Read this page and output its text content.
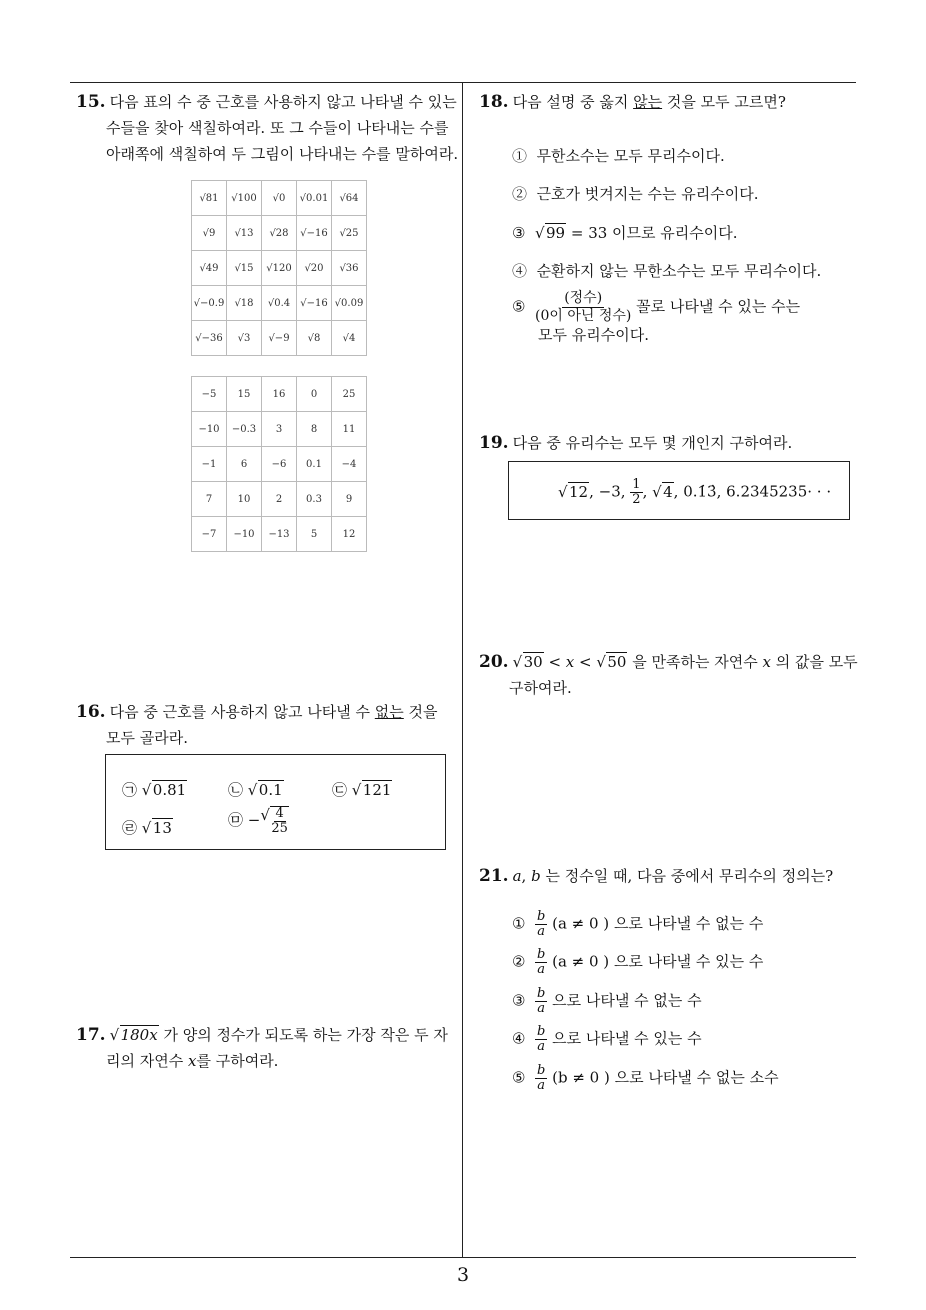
15. 다음 표의 수 중 근호를 사용하지 않고 나타낼 수 있는
수들을 찾아 색칠하여라. 또 그 수들이 나타내는 수를
아래쪽에 색칠하여 두 그림이 나타내는 수를 말하여라.
√81	√100	√0	√0.01	√64
√9	√13	√28	√−16	√25
√49	√15	√120	√20	√36
√−0.9	√18	√0.4	√−16	√0.09
√−36	√3	√−9	√8	√4
−5	15	16	0	25
−10	−0.3	3	8	11
−1	6	−6	0.1	−4
7	10	2	0.3	9
−7	−10	−13	5	12
16. 다음 중 근호를 사용하지 않고 나타낼 수 없는 것을
모두 골라라.
㉠ √ 0.81	㉡ √ 0.1	㉢ √ 121
㉣ √ 13	㉤ − √ $\frac{4}{25}$
17. √ 180x 가 양의 정수가 되도록 하는 가장 작은 두 자
리의 자연수 x를 구하여라.
18. 다음 설명 중 옳지 않는 것을 모두 고르면?
① 무한소수는 모두 무리수이다.
② 근호가 벗겨지는 수는 유리수이다.
③ √ 99 = 33 이므로 유리수이다.
④ 순환하지 않는 무한소수는 모두 무리수이다.
⑤ $\frac{\text{(정수)}}{\text{(0이 아닌 정수)}}$ 꼴로 나타낼 수 있는 수는
모두 유리수이다.
19. 다음 중 유리수는 모두 몇 개인지 구하여라.
√ 12, −3, $\frac{1}{2}$ , √ 4, 0.1̇3̇, 6.2345235· · ·
20. √ 30 < x < √ 50 을 만족하는 자연수 x 의 값을 모두
구하여라.
21. a, b 는 정수일 때, 다음 중에서 무리수의 정의는?
① $\frac{b}{a} (a \ne 0$ ) 으로 나타낼 수 없는 수
② $\frac{b}{a} (a \ne 0$ ) 으로 나타낼 수 있는 수
③ $\frac{b}{a}$ 으로 나타낼 수 없는 수
④ $\frac{b}{a}$ 으로 나타낼 수 있는 수
⑤ $\frac{b}{a} (b \ne 0$ ) 으로 나타낼 수 없는 소수
3
